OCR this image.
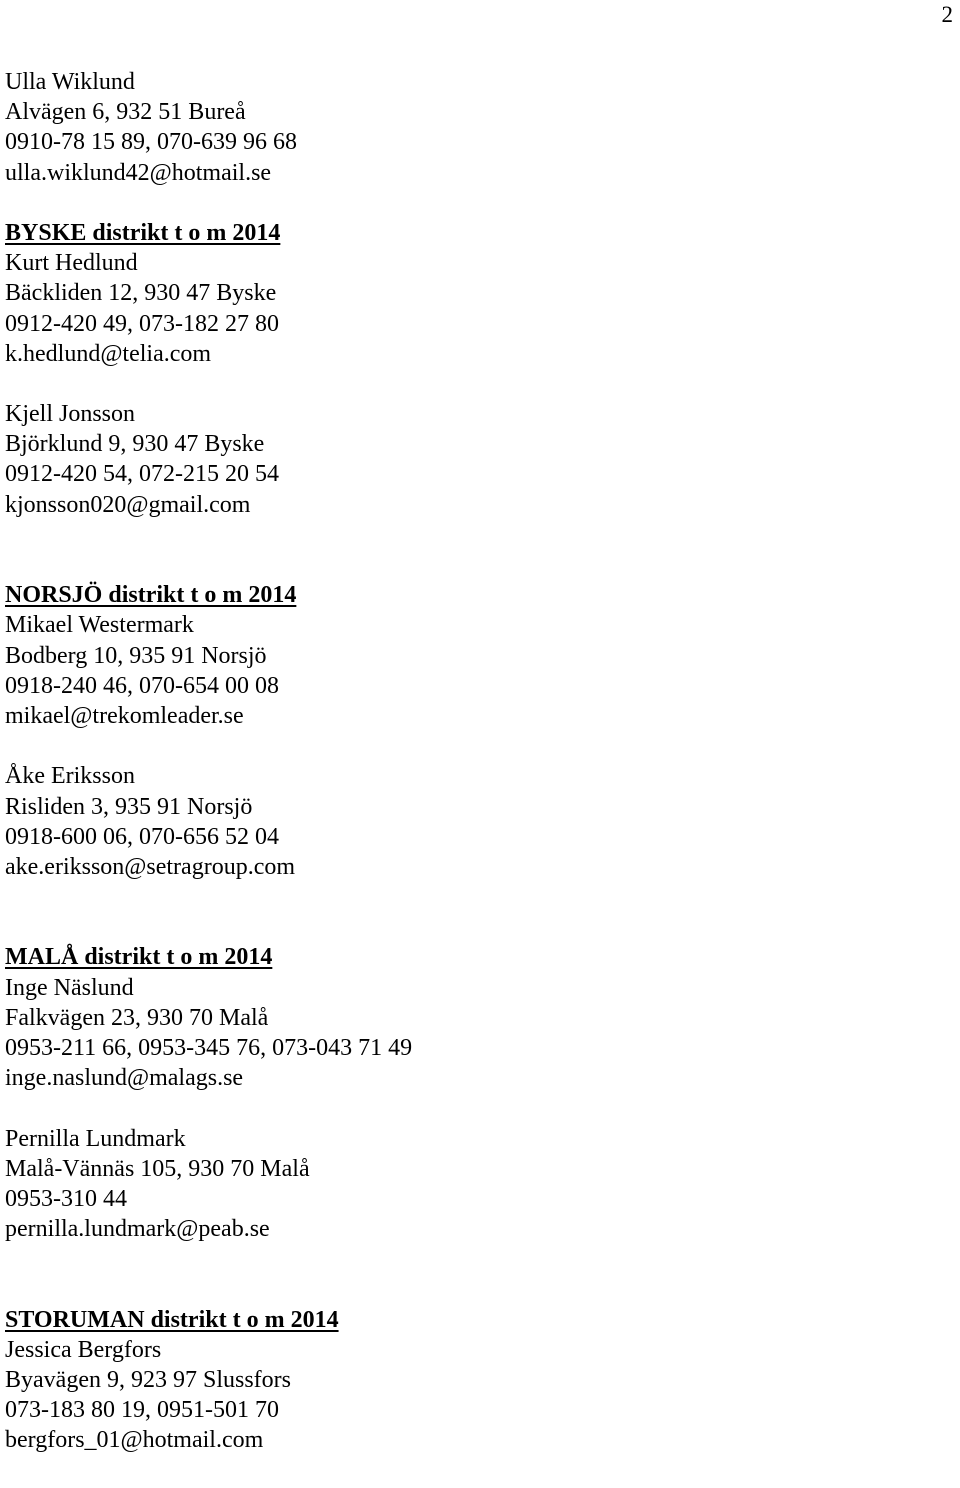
2
Ulla Wiklund
Alvägen 6, 932 51 Bureå
0910-78 15 89, 070-639 96 68
ulla.wiklund42@hotmail.se
BYSKE distrikt t o m 2014
Kurt Hedlund
Bäckliden 12, 930 47 Byske
0912-420 49, 073-182 27 80
k.hedlund@telia.com
Kjell Jonsson
Björklund 9, 930 47 Byske
0912-420 54, 072-215 20 54
kjonsson020@gmail.com
NORSJÖ distrikt t o m 2014
Mikael Westermark
Bodberg 10, 935 91 Norsjö
0918-240 46, 070-654 00 08
mikael@trekomleader.se
Åke Eriksson
Risliden 3, 935 91 Norsjö
0918-600 06, 070-656 52 04
ake.eriksson@setragroup.com
MALÅ distrikt t o m 2014
Inge Näslund
Falkvägen 23, 930 70 Malå
0953-211 66, 0953-345 76, 073-043 71 49
inge.naslund@malags.se
Pernilla Lundmark
Malå-Vännäs 105, 930 70 Malå
0953-310 44
pernilla.lundmark@peab.se
STORUMAN distrikt t o m 2014
Jessica Bergfors
Byavägen 9, 923 97 Slussfors
073-183 80 19, 0951-501 70
bergfors_01@hotmail.com
